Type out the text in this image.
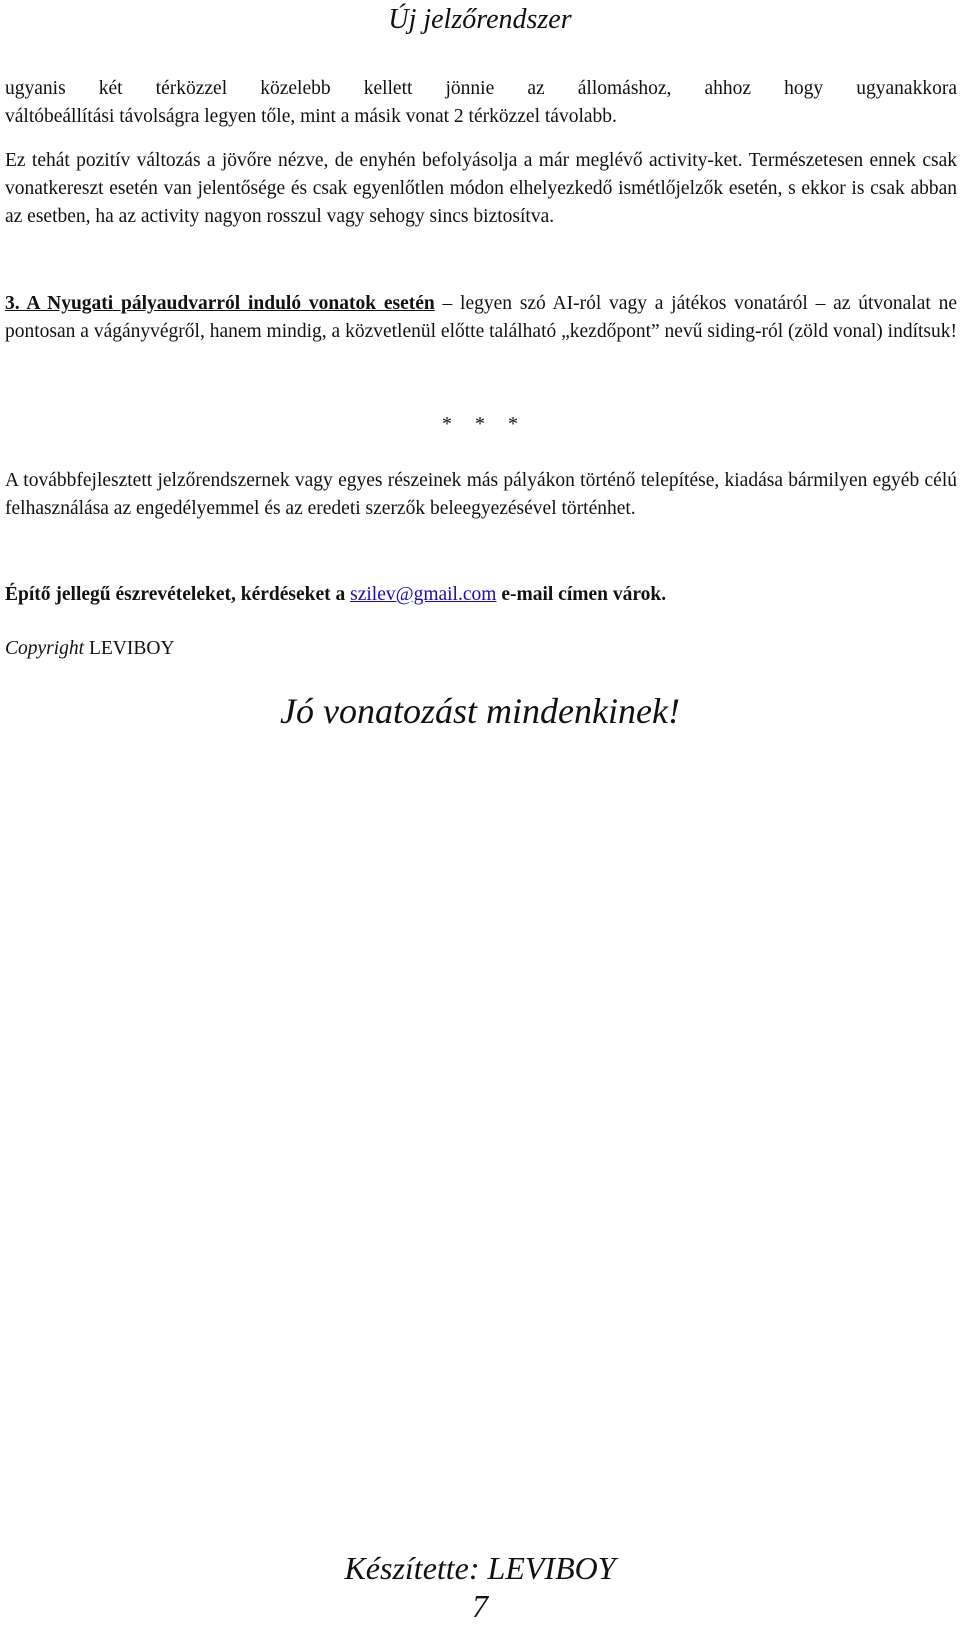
Új jelzőrendszer
ugyanis két térközzel közelebb kellett jönnie az állomáshoz, ahhoz hogy ugyanakkora
váltóbeállítási távolságra legyen tőle, mint a másik vonat 2 térközzel távolabb.
Ez tehát pozitív változás a jövőre nézve, de enyhén befolyásolja a már meglévő activity-ket. Természetesen ennek csak vonatkereszt esetén van jelentősége és csak egyenlőtlen módon elhelyezkedő ismétlőjelzők esetén, s ekkor is csak abban az esetben, ha az activity nagyon rosszul vagy sehogy sincs biztosítva.
3. A Nyugati pályaudvarról induló vonatok esetén – legyen szó AI-ról vagy a játékos vonatáról – az útvonalat ne pontosan a vágányvégről, hanem mindig, a közvetlenül előtte található „kezdőpont” nevű siding-ról (zöld vonal) indítsuk!
* * *
A továbbfejlesztett jelzőrendszernek vagy egyes részeinek más pályákon történő telepítése, kiadása bármilyen egyéb célú felhasználása az engedélyemmel és az eredeti szerzők beleegyezésével történhet.
Építő jellegű észrevételeket, kérdéseket a szilev@gmail.com e-mail címen várok.
Copyright LEVIBOY
Jó vonatozást mindenkinek!
Készítette: LEVIBOY
7
